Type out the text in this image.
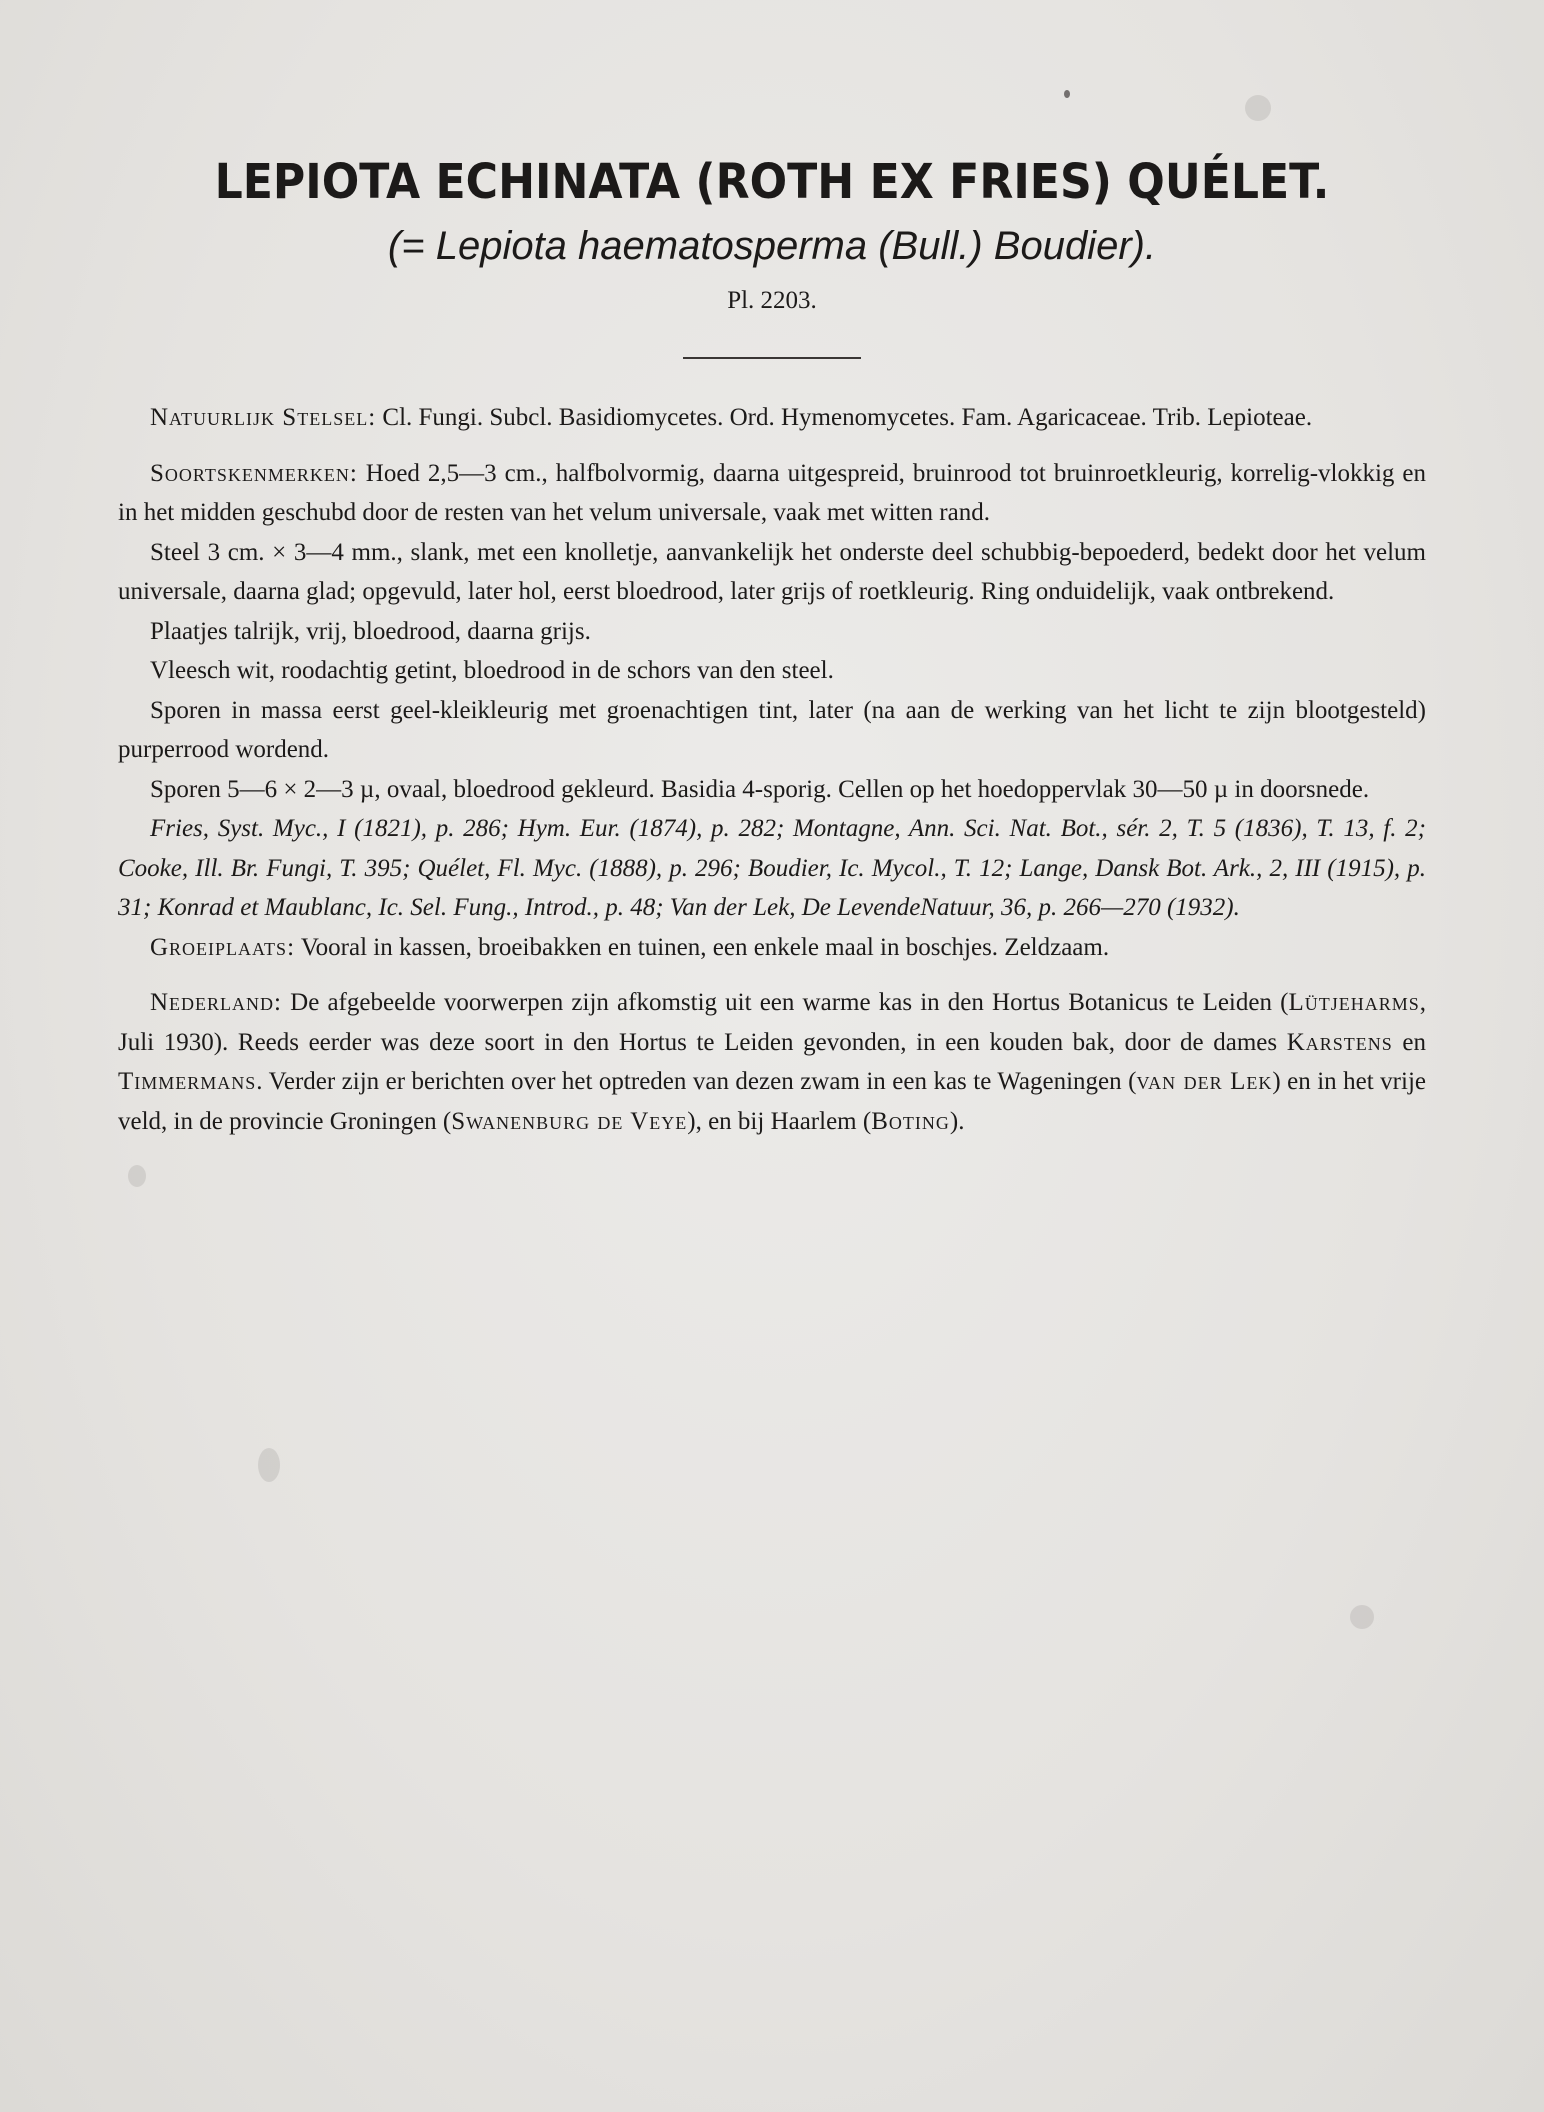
LEPIOTA ECHINATA (ROTH EX FRIES) QUÉLET.
(= Lepiota haematosperma (Bull.) Boudier).
Pl. 2203.

Natuurlijk Stelsel: Cl. Fungi. Subcl. Basidiomycetes. Ord. Hymenomycetes. Fam. Agaricaceae. Trib. Lepioteae.

Soortskenmerken: Hoed 2,5—3 cm., halfbolvormig, daarna uitgespreid, bruinrood tot bruinroetkleurig, korrelig-vlokkig en in het midden geschubd door de resten van het velum universale, vaak met witten rand.

Steel 3 cm. × 3—4 mm., slank, met een knolletje, aanvankelijk het onderste deel schubbig-bepoederd, bedekt door het velum universale, daarna glad; opgevuld, later hol, eerst bloedrood, later grijs of roetkleurig. Ring onduidelijk, vaak ontbrekend.

Plaatjes talrijk, vrij, bloedrood, daarna grijs.

Vleesch wit, roodachtig getint, bloedrood in de schors van den steel.

Sporen in massa eerst geel-kleikleurig met groenachtigen tint, later (na aan de werking van het licht te zijn blootgesteld) purperrood wordend.

Sporen 5—6 × 2—3 µ, ovaal, bloedrood gekleurd. Basidia 4-sporig. Cellen op het hoedoppervlak 30—50 µ in doorsnede.

Fries, Syst. Myc., I (1821), p. 286; Hym. Eur. (1874), p. 282; Montagne, Ann. Sci. Nat. Bot., sér. 2, T. 5 (1836), T. 13, f. 2; Cooke, Ill. Br. Fungi, T. 395; Quélet, Fl. Myc. (1888), p. 296; Boudier, Ic. Mycol., T. 12; Lange, Dansk Bot. Ark., 2, III (1915), p. 31; Konrad et Maublanc, Ic. Sel. Fung., Introd., p. 48; Van der Lek, De LevendeNatuur, 36, p. 266—270 (1932).

Groeiplaats: Vooral in kassen, broeibakken en tuinen, een enkele maal in boschjes. Zeldzaam.

Nederland: De afgebeelde voorwerpen zijn afkomstig uit een warme kas in den Hortus Botanicus te Leiden (Lütjeharms, Juli 1930). Reeds eerder was deze soort in den Hortus te Leiden gevonden, in een kouden bak, door de dames Karstens en Timmermans. Verder zijn er berichten over het optreden van dezen zwam in een kas te Wageningen (van der Lek) en in het vrije veld, in de provincie Groningen (Swanenburg de Veye), en bij Haarlem (Boting).
